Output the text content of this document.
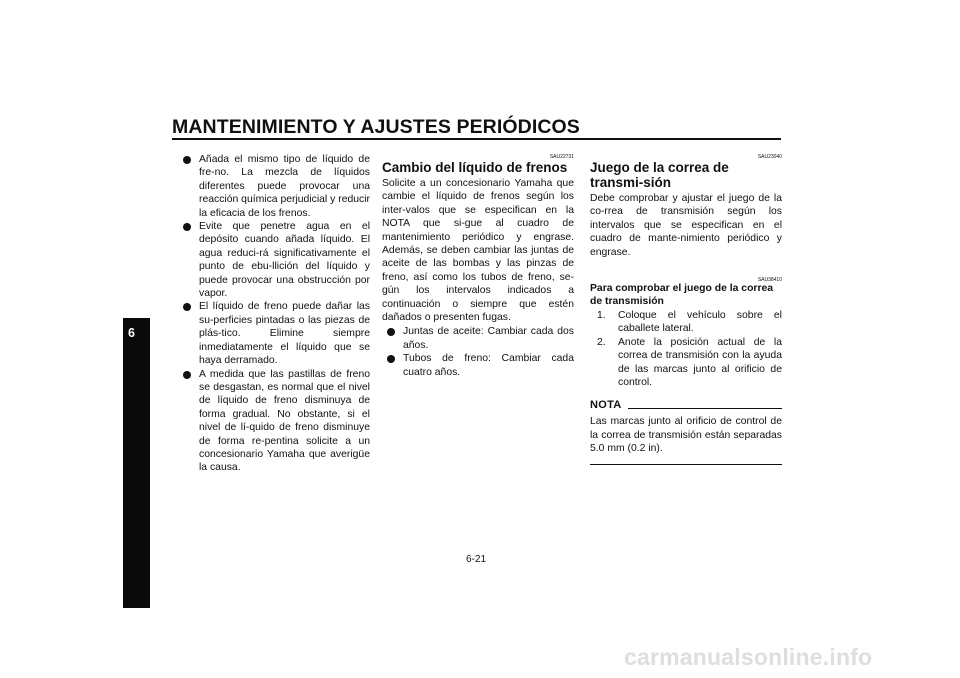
MANTENIMIENTO Y AJUSTES PERIÓDICOS
6
Añada el mismo tipo de líquido de fre-no. La mezcla de líquidos diferentes puede provocar una reacción química perjudicial y reducir la eficacia de los frenos.
Evite que penetre agua en el depósito cuando añada líquido. El agua reduci-rá significativamente el punto de ebu-llición del líquido y puede provocar una obstrucción por vapor.
El líquido de freno puede dañar las su-perficies pintadas o las piezas de plás-tico. Elimine siempre inmediatamente el líquido que se haya derramado.
A medida que las pastillas de freno se desgastan, es normal que el nivel de líquido de freno disminuya de forma gradual. No obstante, si el nivel de lí-quido de freno disminuye de forma re-pentina solicite a un concesionario Yamaha que averigüe la causa.
SAU22731
Cambio del líquido de frenos
Solicite a un concesionario Yamaha que cambie el líquido de frenos según los inter-valos que se especifican en la NOTA que si-gue al cuadro de mantenimiento periódico y engrase. Además, se deben cambiar las juntas de aceite de las bombas y las pinzas de freno, así como los tubos de freno, se-gún los intervalos indicados a continuación o siempre que estén dañados o presenten fugas.
Juntas de aceite: Cambiar cada dos años.
Tubos de freno: Cambiar cada cuatro años.
SAU23040
Juego de la correa de transmi-sión
Debe comprobar y ajustar el juego de la co-rrea de transmisión según los intervalos que se especifican en el cuadro de mante-nimiento periódico y engrase.
SAU38410
Para comprobar el juego de la correa de transmisión
1. Coloque el vehículo sobre el caballete lateral.
2. Anote la posición actual de la correa de transmisión con la ayuda de las marcas junto al orificio de control.
NOTA
Las marcas junto al orificio de control de la correa de transmisión están separadas 5.0 mm (0.2 in).
6-21
carmanualsonline.info
